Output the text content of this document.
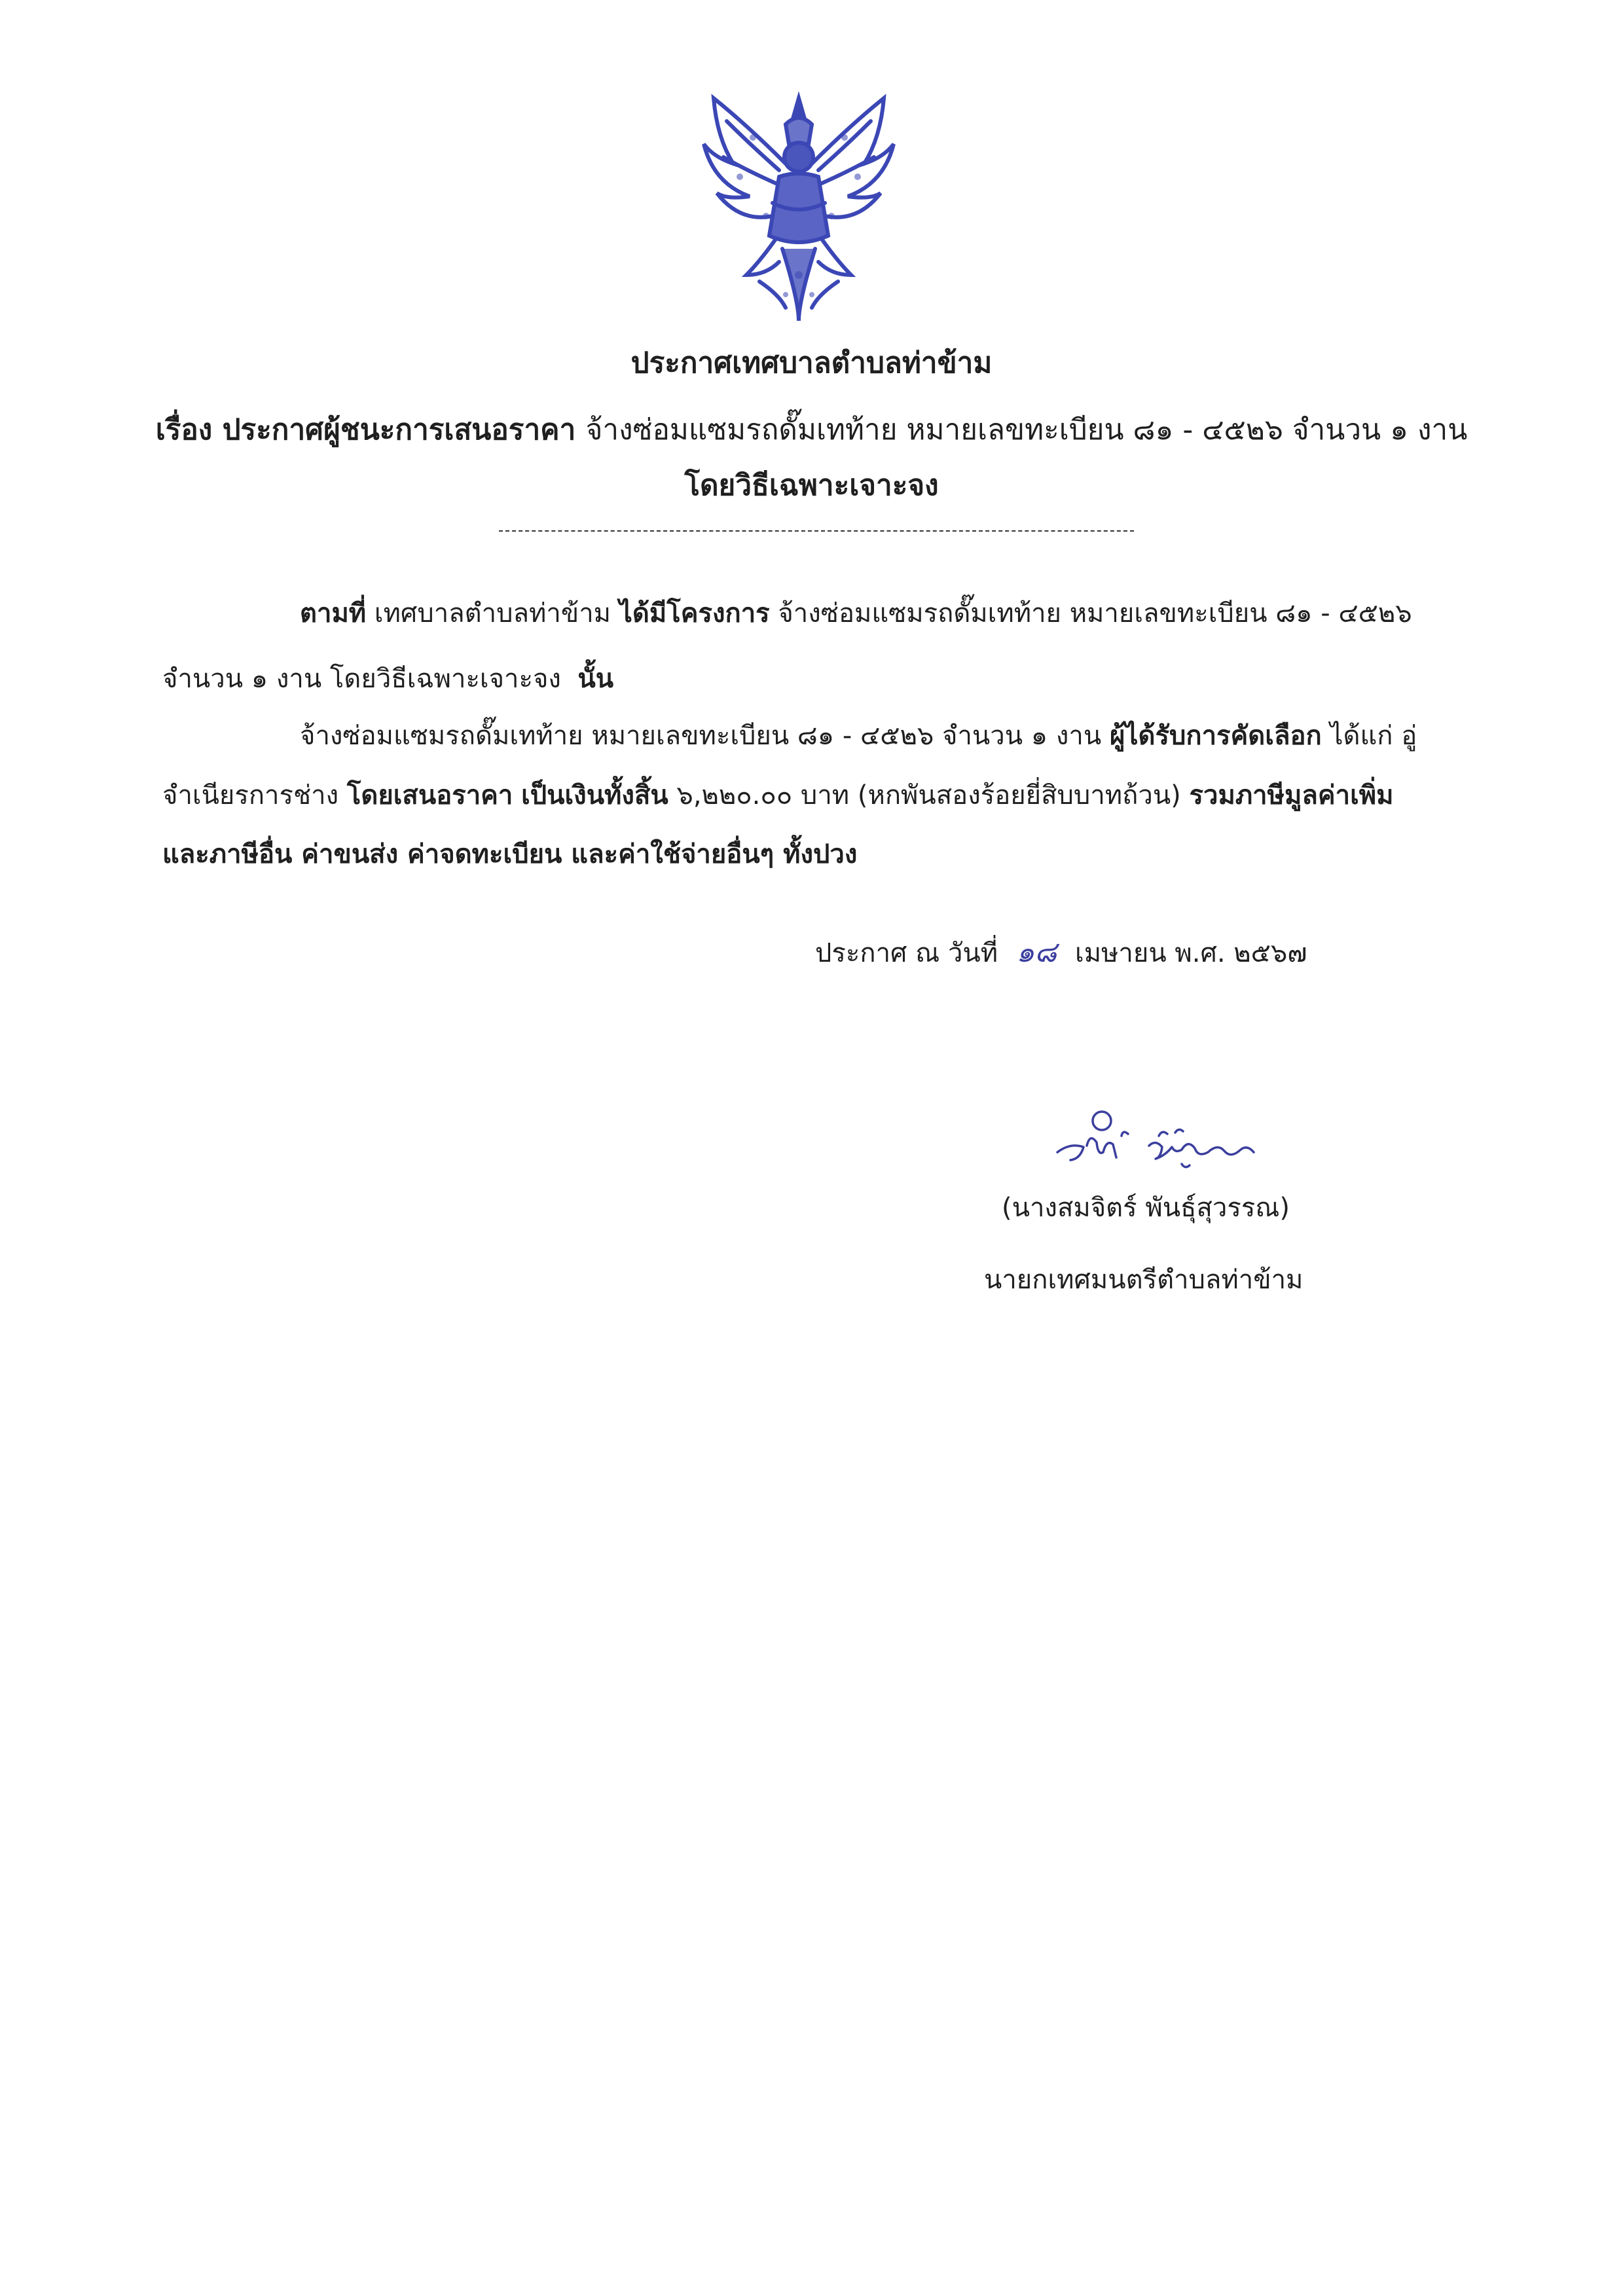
ประกาศเทศบาลตำบลท่าข้าม
เรื่อง ประกาศผู้ชนะการเสนอราคา จ้างซ่อมแซมรถดั๊มเทท้าย หมายเลขทะเบียน ๘๑ - ๔๕๒๖ จำนวน ๑ งาน
โดยวิธีเฉพาะเจาะจง
ตามที่ เทศบาลตำบลท่าข้าม ได้มีโครงการ จ้างซ่อมแซมรถดั๊มเทท้าย หมายเลขทะเบียน ๘๑ - ๔๕๒๖
จำนวน ๑ งาน โดยวิธีเฉพาะเจาะจง นั้น
จ้างซ่อมแซมรถดั๊มเทท้าย หมายเลขทะเบียน ๘๑ - ๔๕๒๖ จำนวน ๑ งาน ผู้ได้รับการคัดเลือก ได้แก่ อู่
จำเนียรการช่าง โดยเสนอราคา เป็นเงินทั้งสิ้น ๖,๒๒๐.๐๐ บาท (หกพันสองร้อยยี่สิบบาทถ้วน) รวมภาษีมูลค่าเพิ่ม
และภาษีอื่น ค่าขนส่ง ค่าจดทะเบียน และค่าใช้จ่ายอื่นๆ ทั้งปวง
ประกาศ ณ วันที่ ๑๘ เมษายน พ.ศ. ๒๕๖๗
(นางสมจิตร์ พันธุ์สุวรรณ)
นายกเทศมนตรีตำบลท่าข้าม
